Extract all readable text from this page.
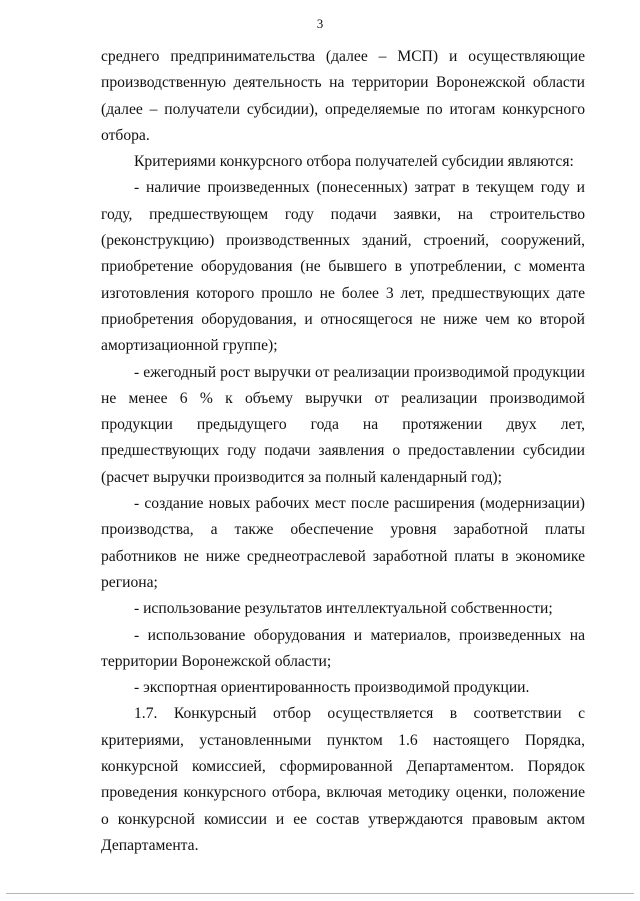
3

среднего предпринимательства (далее – МСП) и осуществляющие производственную деятельность на территории Воронежской области (далее – получатели субсидии), определяемые по итогам конкурсного отбора.

Критериями конкурсного отбора получателей субсидии являются:

- наличие произведенных (понесенных) затрат в текущем году и году, предшествующем году подачи заявки, на строительство (реконструкцию) производственных зданий, строений, сооружений, приобретение оборудования (не бывшего в употреблении, с момента изготовления которого прошло не более 3 лет, предшествующих дате приобретения оборудования, и относящегося не ниже чем ко второй амортизационной группе);

- ежегодный рост выручки от реализации производимой продукции не менее 6 % к объему выручки от реализации производимой продукции предыдущего года на протяжении двух лет, предшествующих году подачи заявления о предоставлении субсидии (расчет выручки производится за полный календарный год);

- создание новых рабочих мест после расширения (модернизации) производства, а также обеспечение уровня заработной платы работников не ниже среднеотраслевой заработной платы в экономике региона;

- использование результатов интеллектуальной собственности;

- использование оборудования и материалов, произведенных на территории Воронежской области;

- экспортная ориентированность производимой продукции.

1.7. Конкурсный отбор осуществляется в соответствии с критериями, установленными пунктом 1.6 настоящего Порядка, конкурсной комиссией, сформированной Департаментом. Порядок проведения конкурсного отбора, включая методику оценки, положение о конкурсной комиссии и ее состав утверждаются правовым актом Департамента.
